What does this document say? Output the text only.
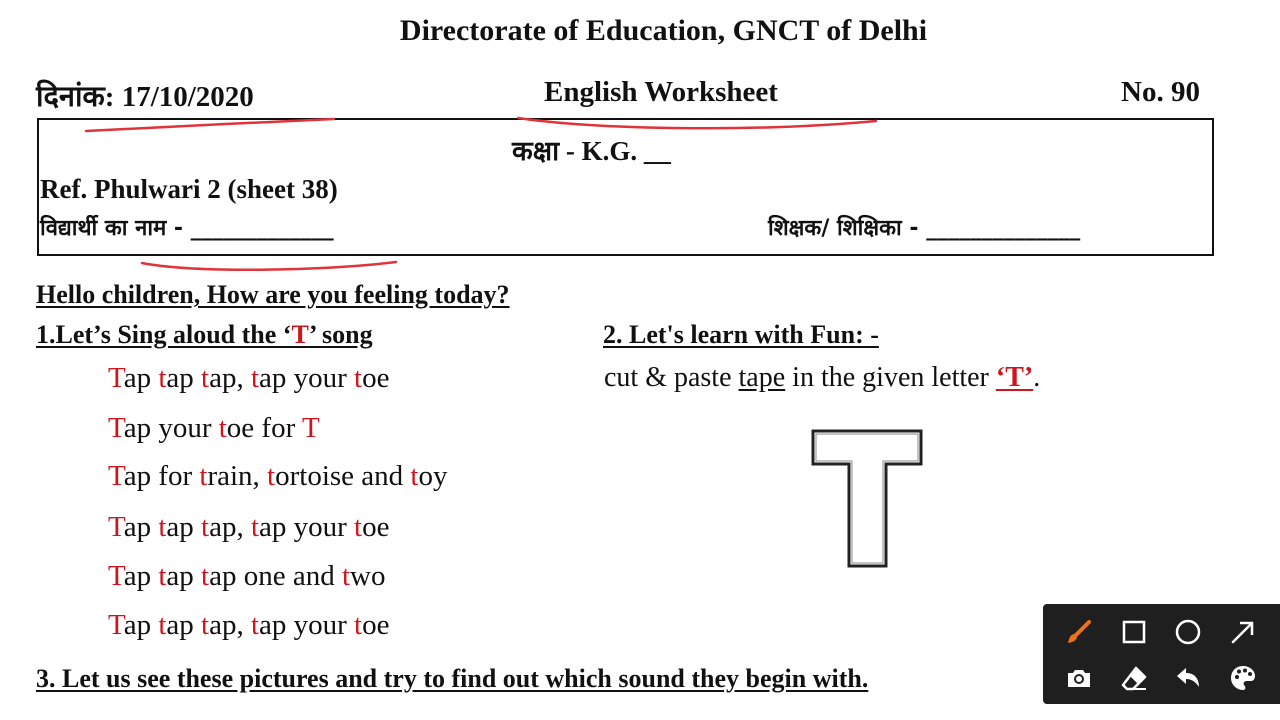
Directorate of Education, GNCT of Delhi
दिनांक: 17/10/2020	English Worksheet	No. 90
कक्षा - K.G. __
Ref. Phulwari 2 (sheet 38)
विद्यार्थी का नाम - _____________	शिक्षक/ शिक्षिका - ______________
Hello children, How are you feeling today?
1.Let’s Sing aloud the ‘T’ song
Tap tap tap, tap your toe
Tap your toe for T
Tap for train, tortoise and toy
Tap tap tap, tap your toe
Tap tap tap one and two
Tap tap tap, tap your toe
2. Let's learn with Fun: -
cut & paste tape in the given letter ‘T’.
3. Let us see these pictures and try to find out which sound they begin with.
